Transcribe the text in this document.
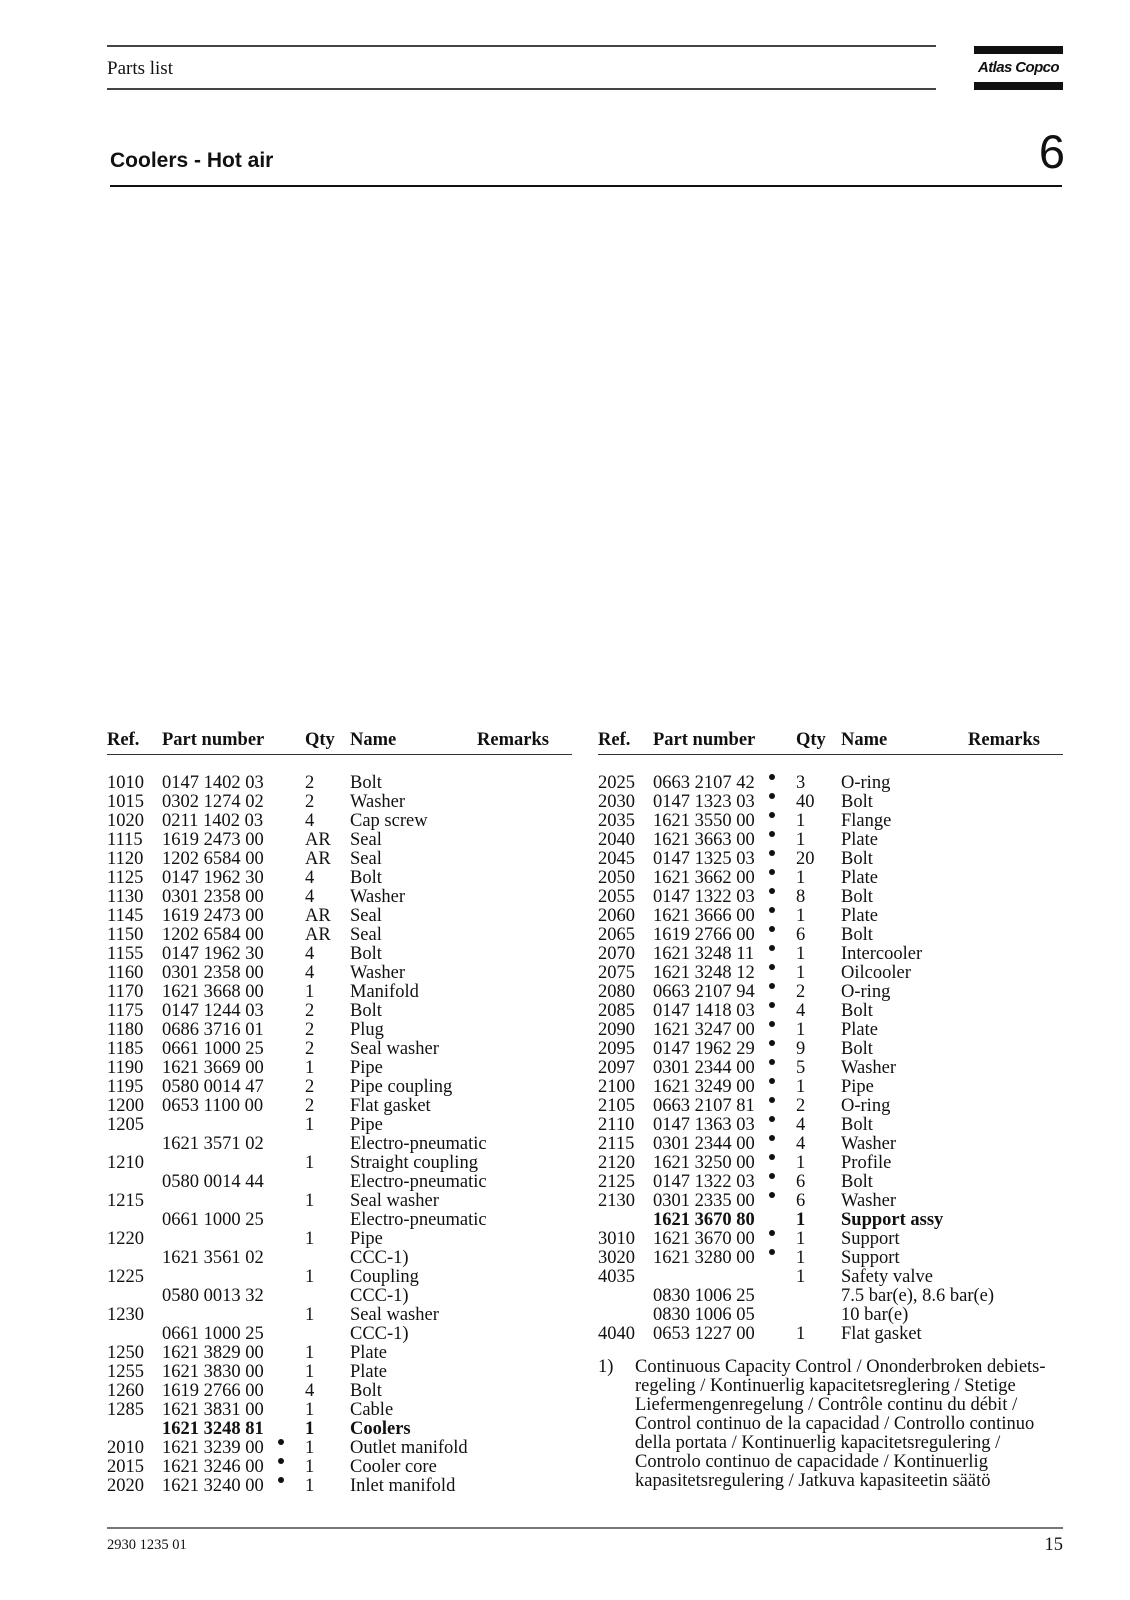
Parts list	Atlas Copco
Coolers - Hot air	6
Ref. Part number Qty Name	Remarks
1010 0147 1402 03 2 Bolt
1015 0302 1274 02 2 Washer
1020 0211 1402 03 4 Cap screw
1115 1619 2473 00 AR Seal
1120 1202 6584 00 AR Seal
1125 0147 1962 30 4 Bolt
1130 0301 2358 00 4 Washer
1145 1619 2473 00 AR Seal
1150 1202 6584 00 AR Seal
1155 0147 1962 30 4 Bolt
1160 0301 2358 00 4 Washer
1170 1621 3668 00 1 Manifold
1175 0147 1244 03 2 Bolt
1180 0686 3716 01 2 Plug
1185 0661 1000 25 2 Seal washer
1190 1621 3669 00 1 Pipe
1195 0580 0014 47 2 Pipe coupling
1200 0653 1100 00 2 Flat gasket
1205	1 Pipe
1621 3571 02	Electro-pneumatic
1210	1 Straight coupling
0580 0014 44	Electro-pneumatic
1215	1 Seal washer
0661 1000 25	Electro-pneumatic
1220	1 Pipe
1621 3561 02	CCC-1)
1225	1 Coupling
0580 0013 32	CCC-1)
1230	1 Seal washer
0661 1000 25	CCC-1)
1250 1621 3829 00 1 Plate
1255 1621 3830 00 1 Plate
1260 1619 2766 00 4 Bolt
1285 1621 3831 00 1 Cable
1621 3248 81 1 Coolers
2010 1621 3239 00 1 Outlet manifold
2015 1621 3246 00 1 Cooler core
2020 1621 3240 00 1 Inlet manifold
Ref. Part number Qty Name	Remarks
2025 0663 2107 42 3 O-ring
2030 0147 1323 03 40 Bolt
2035 1621 3550 00 1 Flange
2040 1621 3663 00 1 Plate
2045 0147 1325 03 20 Bolt
2050 1621 3662 00 1 Plate
2055 0147 1322 03 8 Bolt
2060 1621 3666 00 1 Plate
2065 1619 2766 00 6 Bolt
2070 1621 3248 11 1 Intercooler
2075 1621 3248 12 1 Oilcooler
2080 0663 2107 94 2 O-ring
2085 0147 1418 03 4 Bolt
2090 1621 3247 00 1 Plate
2095 0147 1962 29 9 Bolt
2097 0301 2344 00 5 Washer
2100 1621 3249 00 1 Pipe
2105 0663 2107 81 2 O-ring
2110 0147 1363 03 4 Bolt
2115 0301 2344 00 4 Washer
2120 1621 3250 00 1 Profile
2125 0147 1322 03 6 Bolt
2130 0301 2335 00 6 Washer
1621 3670 80 1 Support assy
3010 1621 3670 00 1 Support
3020 1621 3280 00 1 Support
4035	1 Safety valve
0830 1006 25	7.5 bar(e), 8.6 bar(e)
0830 1006 05	10 bar(e)
4040 0653 1227 00 1 Flat gasket
1) Continuous Capacity Control / Ononderbroken debiets-regeling / Kontinuerlig kapacitetsreglering / Stetige Liefermengenregelung / Contrôle continu du débit / Control continuo de la capacidad / Controllo continuo della portata / Kontinuerlig kapacitetsregulering / Controlo continuo de capacidade / Kontinuerlig kapasitetsregulering / Jatkuva kapasiteetin säätö
2930 1235 01	15
